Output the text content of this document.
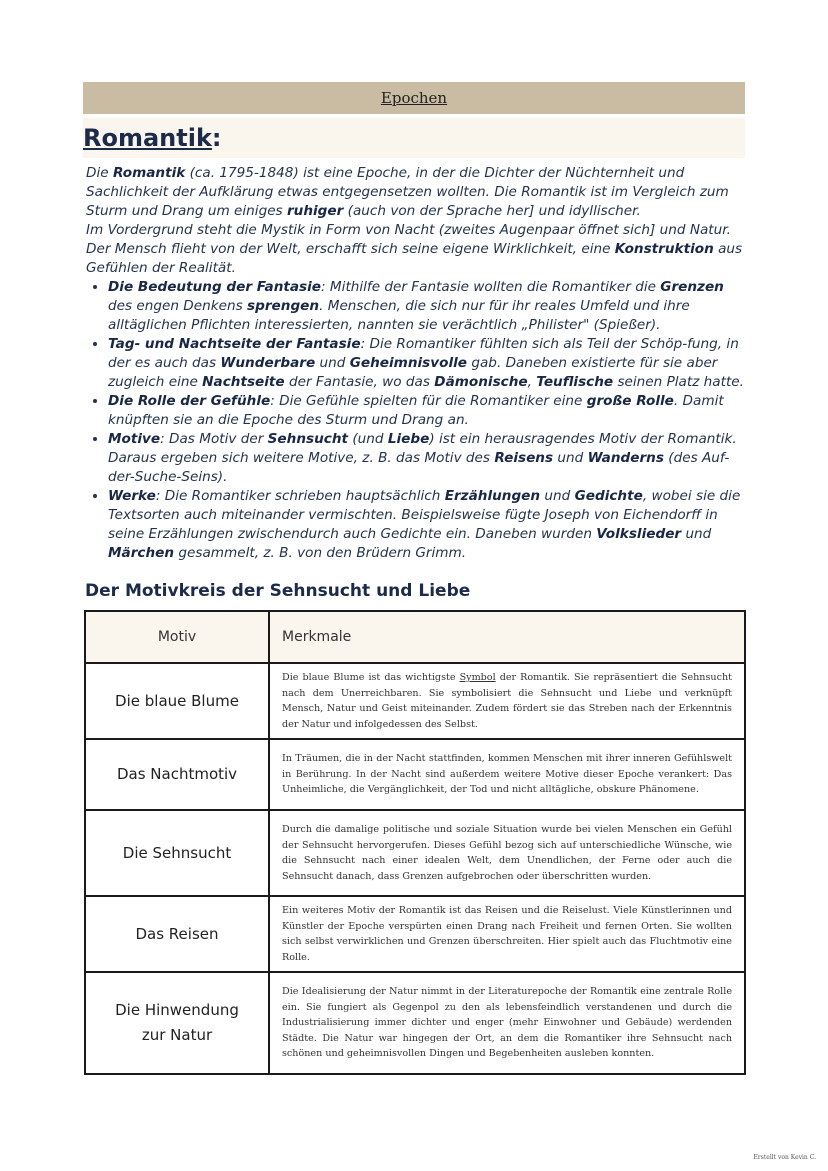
Epochen
Romantik:

Die Romantik (ca. 1795-1848) ist eine Epoche, in der die Dichter der Nüchternheit und Sachlichkeit der Aufklärung etwas entgegensetzen wollten. Die Romantik ist im Vergleich zum Sturm und Drang um einiges ruhiger (auch von der Sprache her] und idyllischer.

Im Vordergrund steht die Mystik in Form von Nacht (zweites Augenpaar öffnet sich] und Natur. Der Mensch flieht von der Welt, erschafft sich seine eigene Wirklichkeit, eine Konstruktion aus Gefühlen der Realität.

• Die Bedeutung der Fantasie: Mithilfe der Fantasie wollten die Romantiker die Grenzen des engen Denkens sprengen. Menschen, die sich nur für ihr reales Umfeld und ihre alltäglichen Pflichten interessierten, nannten sie verächtlich „Philister" (Spießer).
• Tag- und Nachtseite der Fantasie: Die Romantiker fühlten sich als Teil der Schöp-fung, in der es auch das Wunderbare und Geheimnisvolle gab. Daneben existierte für sie aber zugleich eine Nachtseite der Fantasie, wo das Dämonische, Teuflische seinen Platz hatte.
• Die Rolle der Gefühle: Die Gefühle spielten für die Romantiker eine große Rolle. Damit knüpften sie an die Epoche des Sturm und Drang an.
• Motive: Das Motiv der Sehnsucht (und Liebe) ist ein herausragendes Motiv der Romantik. Daraus ergeben sich weitere Motive, z. B. das Motiv des Reisens und Wanderns (des Auf-der-Suche-Seins).
• Werke: Die Romantiker schrieben hauptsächlich Erzählungen und Gedichte, wobei sie die Textsorten auch miteinander vermischten. Beispielsweise fügte Joseph von Eichendorff in seine Erzählungen zwischendurch auch Gedichte ein. Daneben wurden Volkslieder und Märchen gesammelt, z. B. von den Brüdern Grimm.
Der Motivkreis der Sehnsucht und Liebe
Motiv	Merkmale
Die blaue Blume	Die blaue Blume ist das wichtigste Symbol der Romantik. Sie repräsentiert die Sehnsucht nach dem Unerreichbaren. Sie symbolisiert die Sehnsucht und Liebe und verknüpft Mensch, Natur und Geist miteinander. Zudem fördert sie das Streben nach der Erkenntnis der Natur und infolgedessen des Selbst.
Das Nachtmotiv	In Träumen, die in der Nacht stattfinden, kommen Menschen mit ihrer inneren Gefühlswelt in Berührung. In der Nacht sind außerdem weitere Motive dieser Epoche verankert: Das Unheimliche, die Vergänglichkeit, der Tod und nicht alltägliche, obskure Phänomene.
Die Sehnsucht	Durch die damalige politische und soziale Situation wurde bei vielen Menschen ein Gefühl der Sehnsucht hervorgerufen. Dieses Gefühl bezog sich auf unterschiedliche Wünsche, wie die Sehnsucht nach einer idealen Welt, dem Unendlichen, der Ferne oder auch die Sehnsucht danach, dass Grenzen aufgebrochen oder überschritten wurden.
Das Reisen	Ein weiteres Motiv der Romantik ist das Reisen und die Reiselust. Viele Künstlerinnen und Künstler der Epoche verspürten einen Drang nach Freiheit und fernen Orten. Sie wollten sich selbst verwirklichen und Grenzen überschreiten. Hier spielt auch das Fluchtmotiv eine Rolle.
Die Hinwendung zur Natur	Die Idealisierung der Natur nimmt in der Literaturepoche der Romantik eine zentrale Rolle ein. Sie fungiert als Gegenpol zu den als lebensfeindlich verstandenen und durch die Industrialisierung immer dichter und enger (mehr Einwohner und Gebäude) werdenden Städte. Die Natur war hingegen der Ort, an dem die Romantiker ihre Sehnsucht nach schönen und geheimnisvollen Dingen und Begebenheiten ausleben konnten.
Erstellt von Kevin C.
